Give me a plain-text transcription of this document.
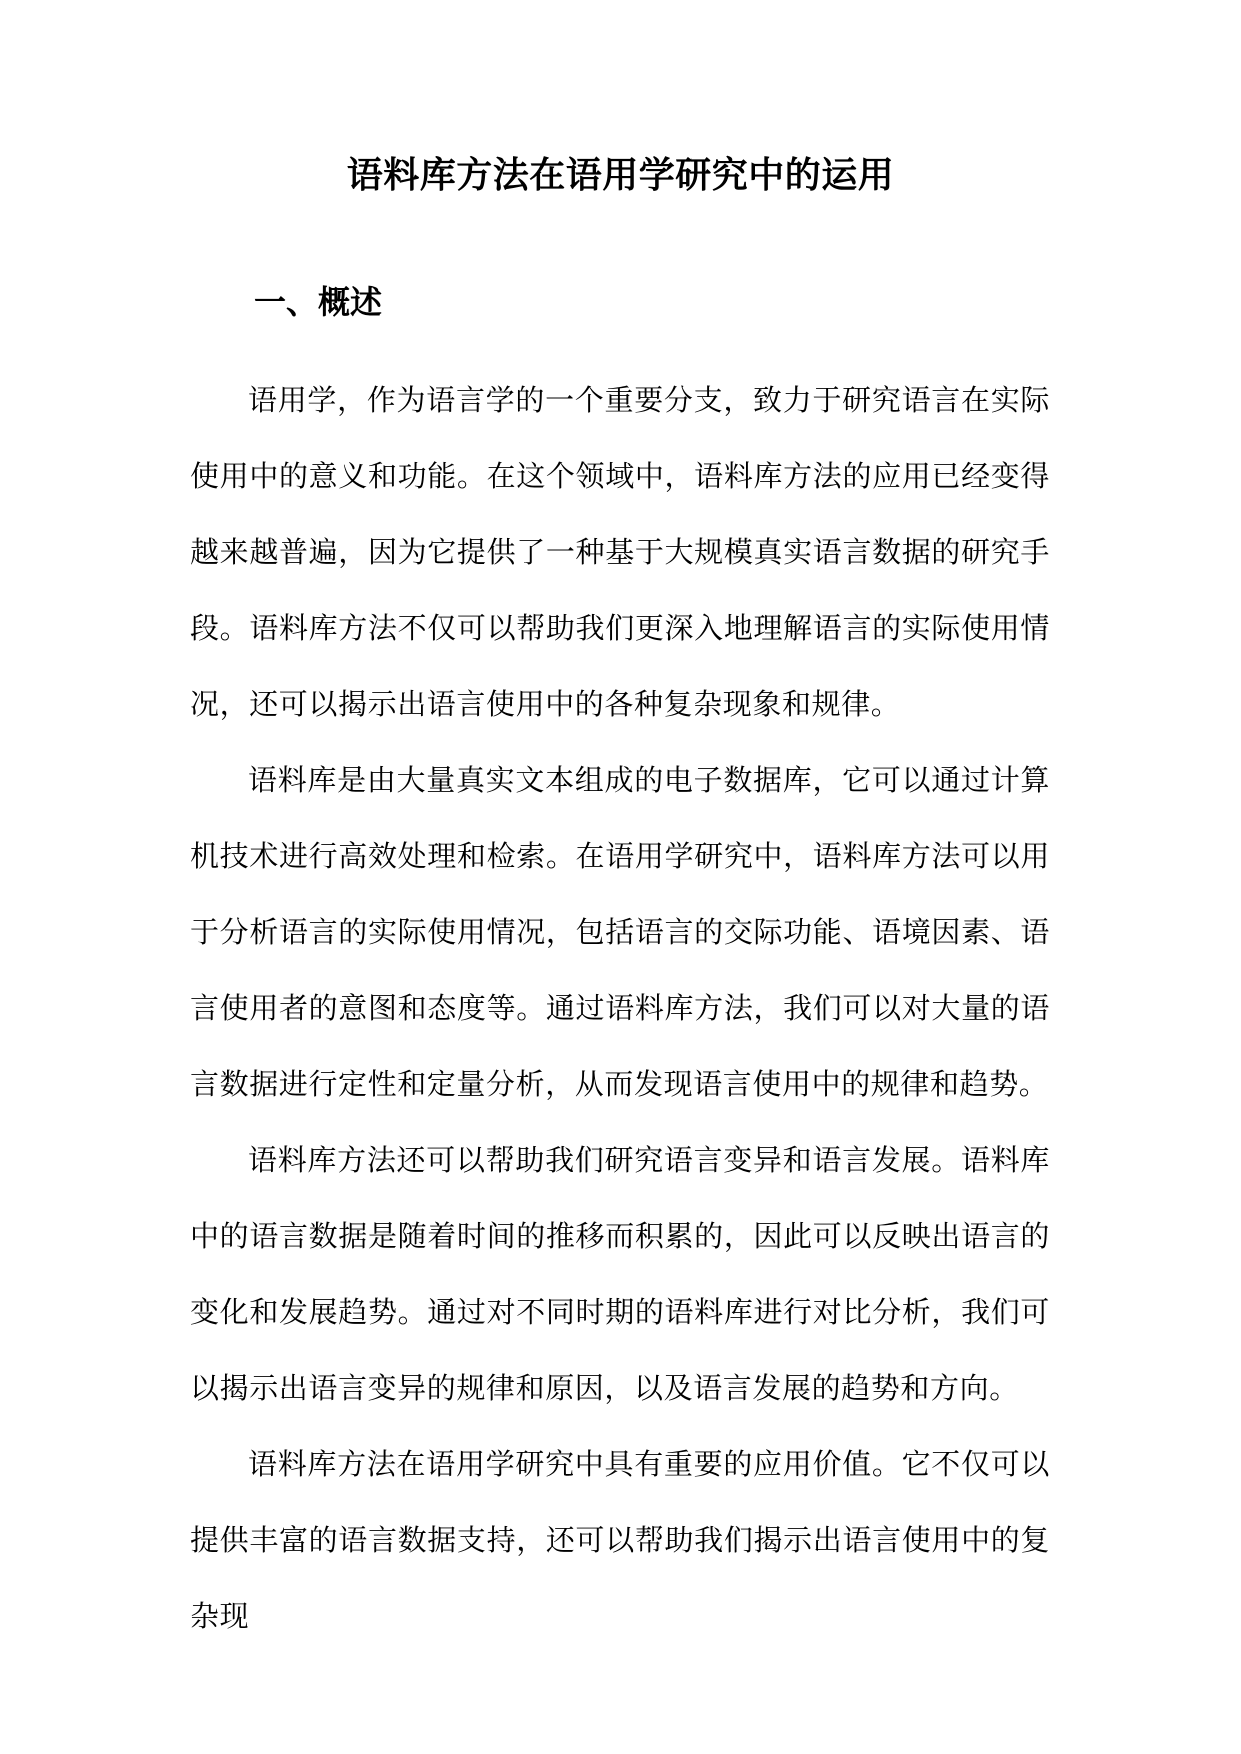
语料库方法在语用学研究中的运用
一、概述

语用学，作为语言学的一个重要分支，致力于研究语言在实际使用中的意义和功能。在这个领域中，语料库方法的应用已经变得越来越普遍，因为它提供了一种基于大规模真实语言数据的研究手段。语料库方法不仅可以帮助我们更深入地理解语言的实际使用情况，还可以揭示出语言使用中的各种复杂现象和规律。

语料库是由大量真实文本组成的电子数据库，它可以通过计算机技术进行高效处理和检索。在语用学研究中，语料库方法可以用于分析语言的实际使用情况，包括语言的交际功能、语境因素、语言使用者的意图和态度等。通过语料库方法，我们可以对大量的语言数据进行定性和定量分析，从而发现语言使用中的规律和趋势。

语料库方法还可以帮助我们研究语言变异和语言发展。语料库中的语言数据是随着时间的推移而积累的，因此可以反映出语言的变化和发展趋势。通过对不同时期的语料库进行对比分析，我们可以揭示出语言变异的规律和原因，以及语言发展的趋势和方向。

语料库方法在语用学研究中具有重要的应用价值。它不仅可以提供丰富的语言数据支持，还可以帮助我们揭示出语言使用中的复杂现
